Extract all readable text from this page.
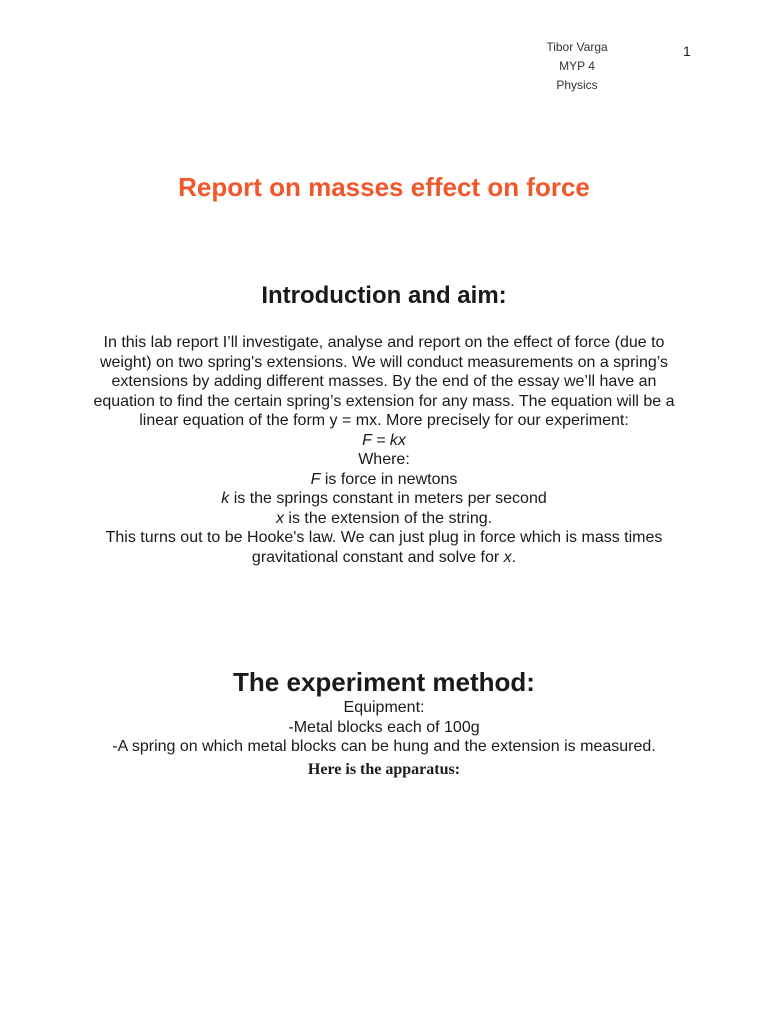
Tibor Varga
MYP 4
Physics
1
Report on masses effect on force
Introduction and aim:
In this lab report I’ll investigate, analyse and report on the effect of force (due to
weight) on two spring's extensions. We will conduct measurements on a spring’s
extensions by adding different masses. By the end of the essay we’ll have an
equation to find the certain spring’s extension for any mass. The equation will be a
linear equation of the form y = mx. More precisely for our experiment:
F = kx
Where:
F is force in newtons
k is the springs constant in meters per second
x is the extension of the string.
This turns out to be Hooke's law. We can just plug in force which is mass times
gravitational constant and solve for x.
The experiment method:
Equipment:
-Metal blocks each of 100g
-A spring on which metal blocks can be hung and the extension is measured.
Here is the apparatus:
